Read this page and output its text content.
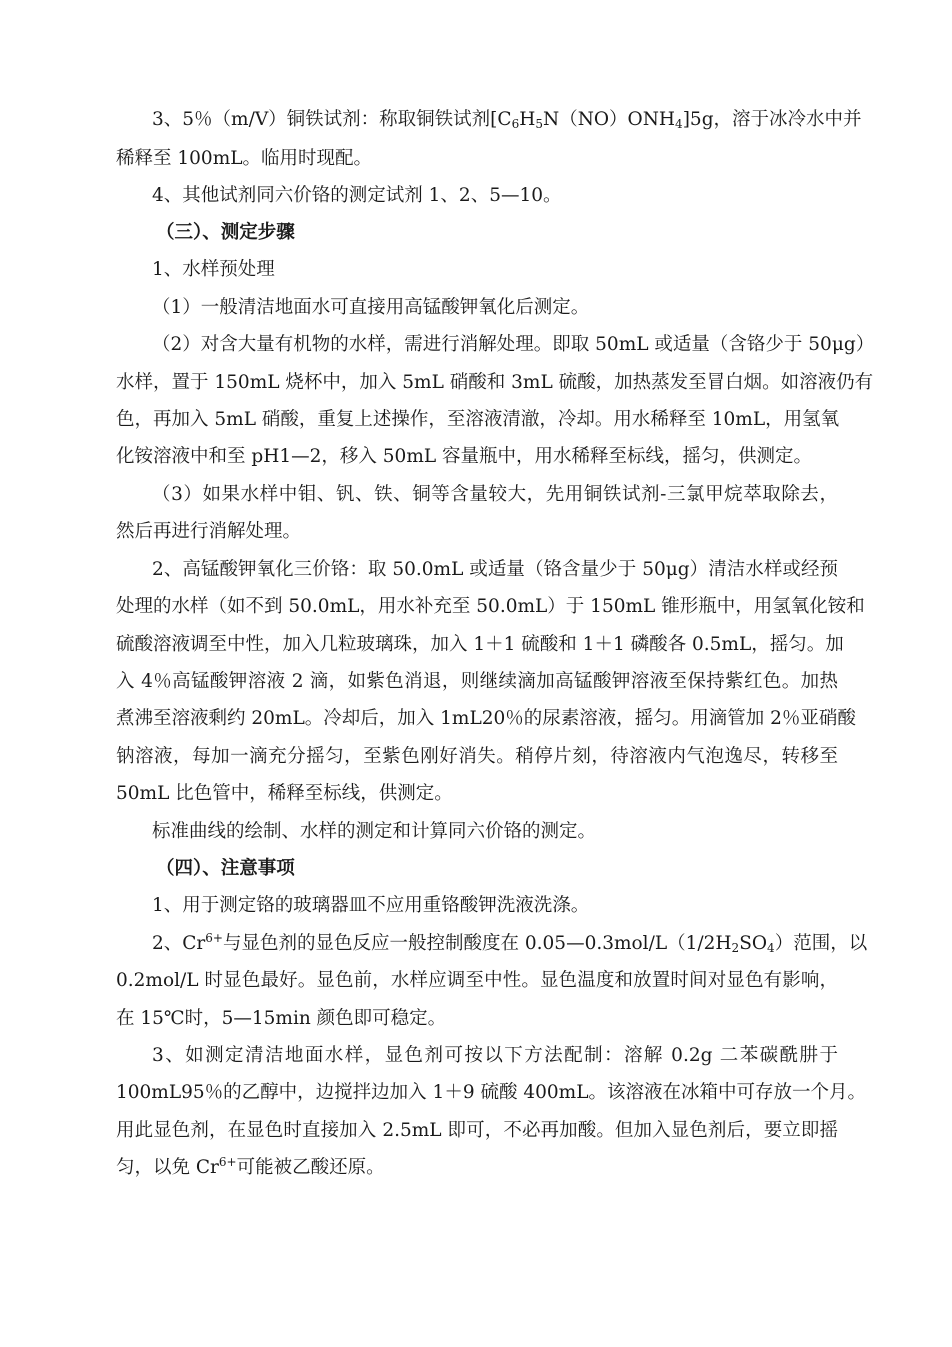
3、5％（m/V）铜铁试剂：称取铜铁试剂$[C_6H_5N(NO)ONH_4]5g$，溶于冰冷水中并
稀释至 100mL。临用时现配。
4、其他试剂同六价铬的测定试剂 1、2、5—10。
（三）、测定步骤
1、水样预处理
（1）一般清洁地面水可直接用高锰酸钾氧化后测定。
（2）对含大量有机物的水样，需进行消解处理。即取 50mL 或适量（含铬少于 50μg）
水样，置于 150mL 烧杯中，加入 5mL 硝酸和 3mL 硫酸，加热蒸发至冒白烟。如溶液仍有
色，再加入 5mL 硝酸，重复上述操作，至溶液清澈，冷却。用水稀释至 10mL，用氢氧
化铵溶液中和至 pH1—2，移入 50mL 容量瓶中，用水稀释至标线，摇匀，供测定。
（3）如果水样中钼、钒、铁、铜等含量较大，先用铜铁试剂-三氯甲烷萃取除去，
然后再进行消解处理。
2、高锰酸钾氧化三价铬：取 50.0mL 或适量（铬含量少于 50μg）清洁水样或经预
处理的水样（如不到 50.0mL，用水补充至 50.0mL）于 150mL 锥形瓶中，用氢氧化铵和
硫酸溶液调至中性，加入几粒玻璃珠，加入 1＋1 硫酸和 1＋1 磷酸各 0.5mL，摇匀。加
入 4％高锰酸钾溶液 2 滴，如紫色消退，则继续滴加高锰酸钾溶液至保持紫红色。加热
煮沸至溶液剩约 20mL。冷却后，加入 1mL20％的尿素溶液，摇匀。用滴管加 2％亚硝酸
钠溶液，每加一滴充分摇匀，至紫色刚好消失。稍停片刻，待溶液内气泡逸尽，转移至
50mL 比色管中，稀释至标线，供测定。
标准曲线的绘制、水样的测定和计算同六价铬的测定。
（四）、注意事项
1、用于测定铬的玻璃器皿不应用重铬酸钾洗液洗涤。
2、$Cr^{6+}$与显色剂的显色反应一般控制酸度在 $0.05—0.3mol/L(1/2H_2SO_4)$范围，以
0.2mol/L 时显色最好。显色前，水样应调至中性。显色温度和放置时间对显色有影响，
在 15℃时，5—15min 颜色即可稳定。
3、如测定清洁地面水样，显色剂可按以下方法配制：溶解 0.2g 二苯碳酰肼于
100mL95％的乙醇中，边搅拌边加入 1＋9 硫酸 400mL。该溶液在冰箱中可存放一个月。
用此显色剂，在显色时直接加入 2.5mL 即可，不必再加酸。但加入显色剂后，要立即摇
匀，以免 $Cr^{6+}$可能被乙酸还原。
